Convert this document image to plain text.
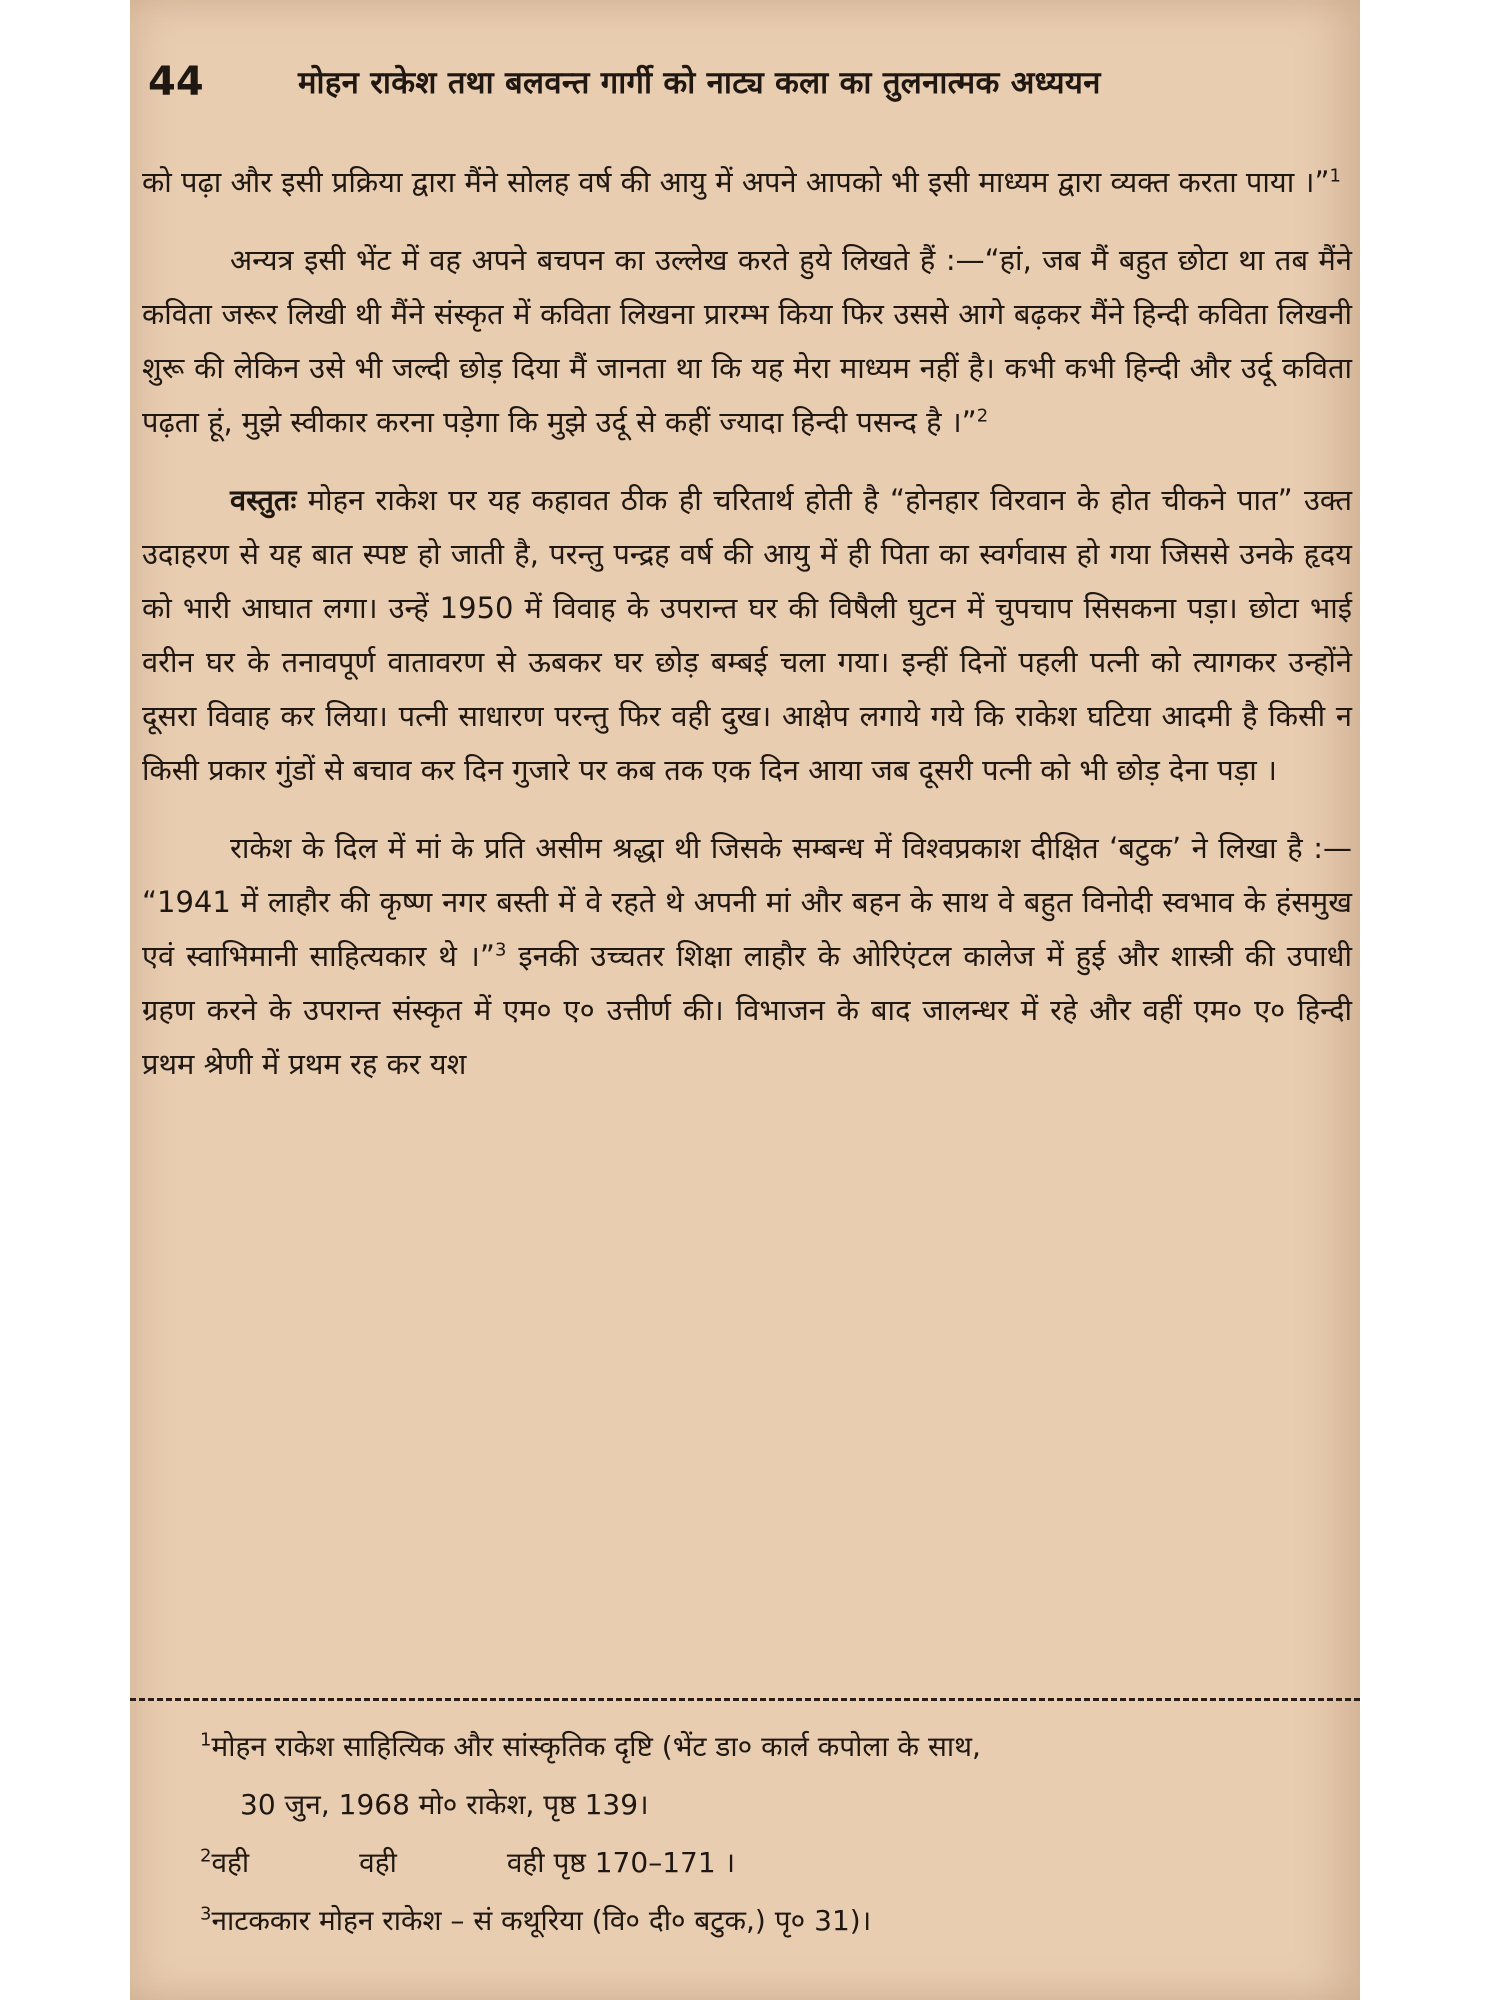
44	मोहन राकेश तथा बलवन्त गार्गी को नाट्य कला का तुलनात्मक अध्ययन

को पढ़ा और इसी प्रक्रिया द्वारा मैंने सोलह वर्ष की आयु में अपने आपको भी इसी माध्यम द्वारा व्यक्त करता पाया ।”$^1$

अन्यत्र इसी भेंट में वह अपने बचपन का उल्लेख करते हुये लिखते हैं :—“हां, जब मैं बहुत छोटा था तब मैंने कविता जरूर लिखी थी मैंने संस्कृत में कविता लिखना प्रारम्भ किया फिर उससे आगे बढ़कर मैंने हिन्दी कविता लिखनी शुरू की लेकिन उसे भी जल्दी छोड़ दिया मैं जानता था कि यह मेरा माध्यम नहीं है। कभी कभी हिन्दी और उर्दू कविता पढ़ता हूं, मुझे स्वीकार करना पड़ेगा कि मुझे उर्दू से कहीं ज्यादा हिन्दी पसन्द है ।”$^2$

वस्तुतः मोहन राकेश पर यह कहावत ठीक ही चरितार्थ होती है “होनहार विरवान के होत चीकने पात” उक्त उदाहरण से यह बात स्पष्ट हो जाती है, परन्तु पन्द्रह वर्ष की आयु में ही पिता का स्वर्गवास हो गया जिससे उनके हृदय को भारी आघात लगा। उन्हें 1950 में विवाह के उपरान्त घर की विषैली घुटन में चुपचाप सिसकना पड़ा। छोटा भाई वरीन घर के तनावपूर्ण वातावरण से ऊबकर घर छोड़ बम्बई चला गया। इन्हीं दिनों पहली पत्नी को त्यागकर उन्होंने दूसरा विवाह कर लिया। पत्नी साधारण परन्तु फिर वही दुख। आक्षेप लगाये गये कि राकेश घटिया आदमी है किसी न किसी प्रकार गुंडों से बचाव कर दिन गुजारे पर कब तक एक दिन आया जब दूसरी पत्नी को भी छोड़ देना पड़ा ।

राकेश के दिल में मां के प्रति असीम श्रद्धा थी जिसके सम्बन्ध में विश्वप्रकाश दीक्षित ‘बटुक’ ने लिखा है :— “1941 में लाहौर की कृष्ण नगर बस्ती में वे रहते थे अपनी मां और बहन के साथ वे बहुत विनोदी स्वभाव के हंसमुख एवं स्वाभिमानी साहित्यकार थे ।”$^3$ इनकी उच्चतर शिक्षा लाहौर के ओरिएंटल कालेज में हुई और शास्त्री की उपाधी ग्रहण करने के उपरान्त संस्कृत में एम० ए० उत्तीर्ण की। विभाजन के बाद जालन्धर में रहे और वहीं एम० ए० हिन्दी प्रथम श्रेणी में प्रथम रह कर यश

$^1$मोहन राकेश साहित्यिक और सांस्कृतिक दृष्टि (भेंट डा० कार्ल कपोला के साथ,
30 जुन, 1968 मो० राकेश, पृष्ठ 139।
$^2$वही	वही	वही पृष्ठ 170–171 ।
$^3$नाटककार मोहन राकेश – सं कथूरिया (वि० दी० बटुक,) पृ० 31)।
